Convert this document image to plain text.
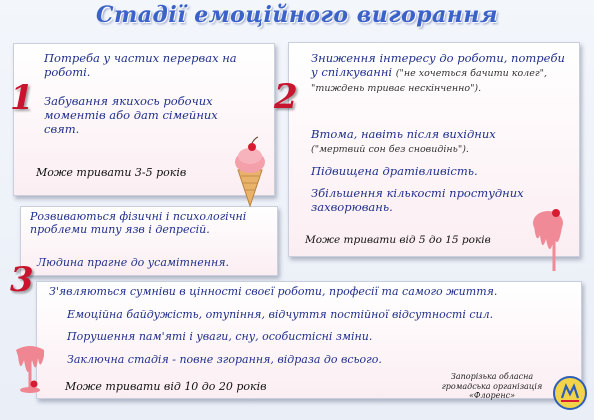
Стадії емоційного вигорання

Потреба у частих перервах на роботі.

Забування якихось робочих моментів або дат сімейних свят.

Може тривати 3-5 років

1

Зниження інтересу до роботи, потреби у спілкуванні ("не хочеться бачити колег", "тиждень триває нескінченно").

Втома, навіть після вихідних
("мертвий сон без сновидінь").

Підвищена дратівливість.

Збільшення кількості простудних захворювань.

Може тривати від 5 до 15 років

2

Розвиваються фізичні і психологічні проблеми типу язв і депресій.

Людина прагне до усамітнення.

З'являються сумніви в цінності своєї роботи, професії та самого життя.

Емоційна байдужість, отупіння, відчуття постійної відсутності сил.

Порушення пам'яті і уваги, сну, особистісні зміни.

Заключна стадія - повне згорання, відраза до всього.

Може тривати від 10 до 20 років

3
Запорізька обласна
громадська організація
«Флоренс»
